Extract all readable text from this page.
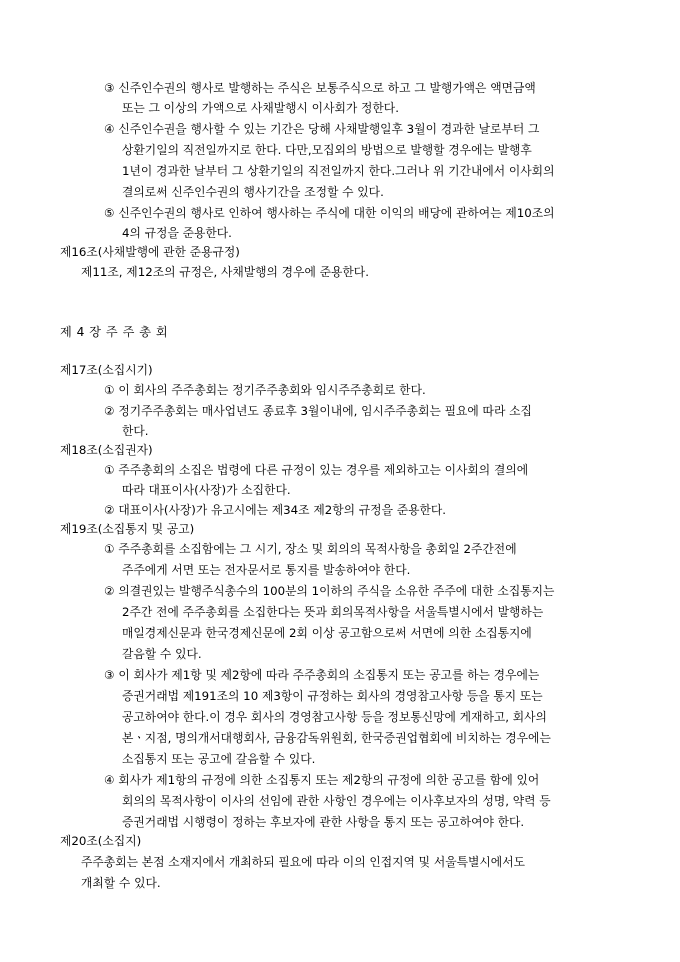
③ 신주인수권의 행사로 발행하는 주식은 보통주식으로 하고 그 발행가액은 액면금액
또는 그 이상의 가액으로 사채발행시 이사회가 정한다.
④ 신주인수권을 행사할 수 있는 기간은 당해 사채발행일후 3월이 경과한 날로부터 그
상환기일의 직전일까지로 한다. 다만,모집외의 방법으로 발행할 경우에는 발행후
1년이 경과한 날부터 그 상환기일의 직전일까지 한다.그러나 위 기간내에서 이사회의
결의로써 신주인수권의 행사기간을 조정할 수 있다.
⑤ 신주인수권의 행사로 인하여 행사하는 주식에 대한 이익의 배당에 관하여는 제10조의
4의 규정을 준용한다.
제16조(사채발행에 관한 준용규정)
제11조, 제12조의 규정은, 사채발행의 경우에 준용한다.
제 4 장 주 주 총 회
제17조(소집시기)
① 이 회사의 주주총회는 정기주주총회와 임시주주총회로 한다.
② 정기주주총회는 매사업년도 종료후 3월이내에, 임시주주총회는 필요에 따라 소집
한다.
제18조(소집권자)
① 주주총회의 소집은 법령에 다른 규정이 있는 경우를 제외하고는 이사회의 결의에
따라 대표이사(사장)가 소집한다.
② 대표이사(사장)가 유고시에는 제34조 제2항의 규정을 준용한다.
제19조(소집통지 및 공고)
① 주주총회를 소집함에는 그 시기, 장소 및 회의의 목적사항을 총회일 2주간전에
주주에게 서면 또는 전자문서로 통지를 발송하여야 한다.
② 의결권있는 발행주식총수의 100분의 1이하의 주식을 소유한 주주에 대한 소집통지는
2주간 전에 주주총회를 소집한다는 뜻과 회의목적사항을 서울특별시에서 발행하는
매일경제신문과 한국경제신문에 2회 이상 공고함으로써 서면에 의한 소집통지에
갈음할 수 있다.
③ 이 회사가 제1항 및 제2항에 따라 주주총회의 소집통지 또는 공고를 하는 경우에는
증권거래법 제191조의 10 제3항이 규정하는 회사의 경영참고사항 등을 통지 또는
공고하여야 한다.이 경우 회사의 경영참고사항 등을 정보통신망에 게재하고, 회사의
본ㆍ지점, 명의개서대행회사, 금융감독위원회, 한국증권업협회에 비치하는 경우에는
소집통지 또는 공고에 갈음할 수 있다.
④ 회사가 제1항의 규정에 의한 소집통지 또는 제2항의 규정에 의한 공고를 함에 있어
회의의 목적사항이 이사의 선임에 관한 사항인 경우에는 이사후보자의 성명, 약력 등
증권거래법 시행령이 정하는 후보자에 관한 사항을 통지 또는 공고하여야 한다.
제20조(소집지)
주주총회는 본점 소재지에서 개최하되 필요에 따라 이의 인접지역 및 서울특별시에서도
개최할 수 있다.
